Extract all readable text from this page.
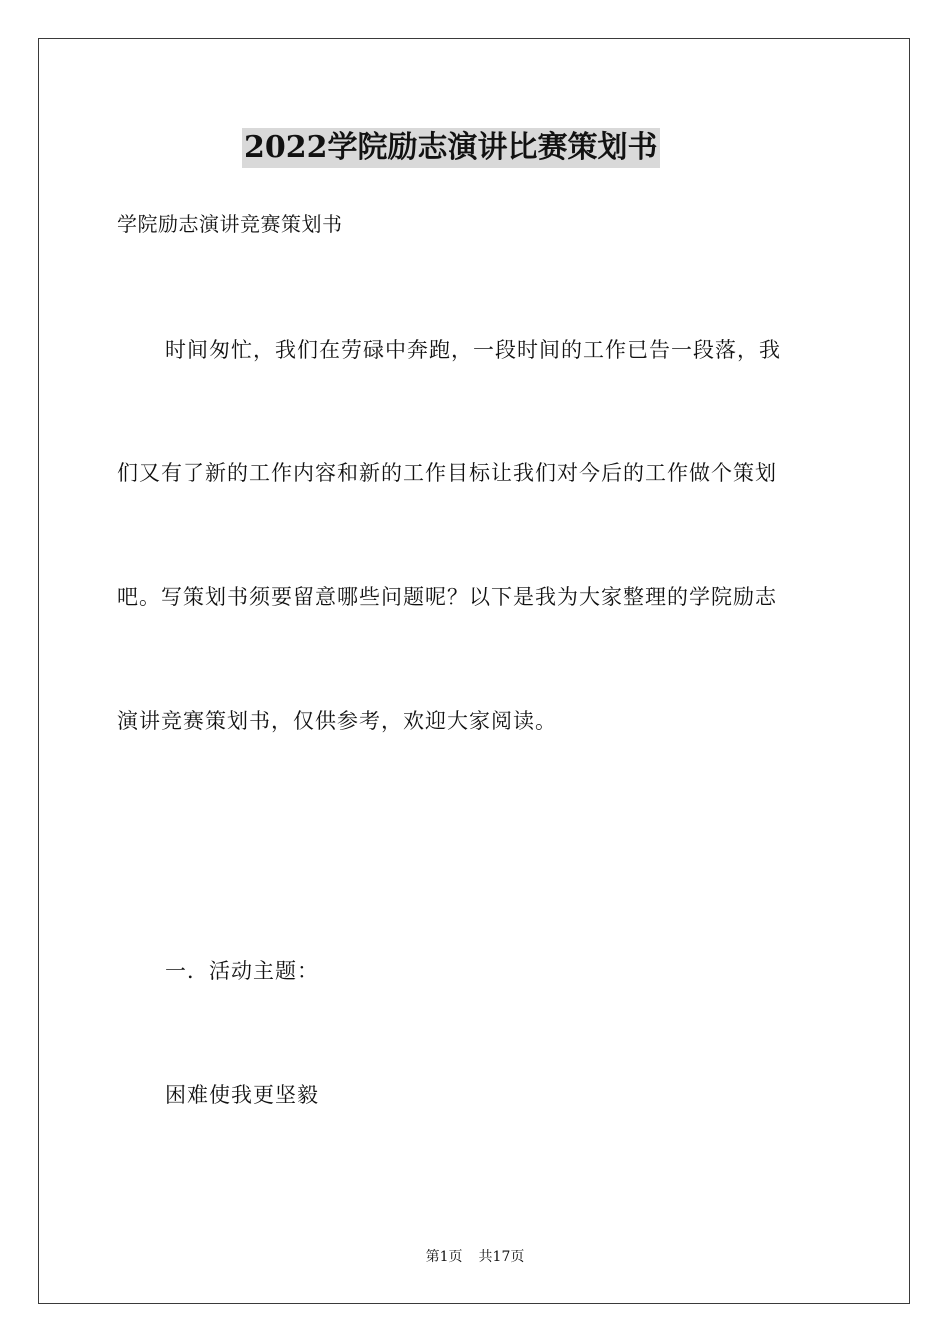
2022学院励志演讲比赛策划书
学院励志演讲竞赛策划书
时间匆忙，我们在劳碌中奔跑，一段时间的工作已告一段落，我
们又有了新的工作内容和新的工作目标让我们对今后的工作做个策划
吧。写策划书须要留意哪些问题呢？以下是我为大家整理的学院励志
演讲竞赛策划书，仅供参考，欢迎大家阅读。
一．活动主题：
困难使我更坚毅
第1页 共17页
